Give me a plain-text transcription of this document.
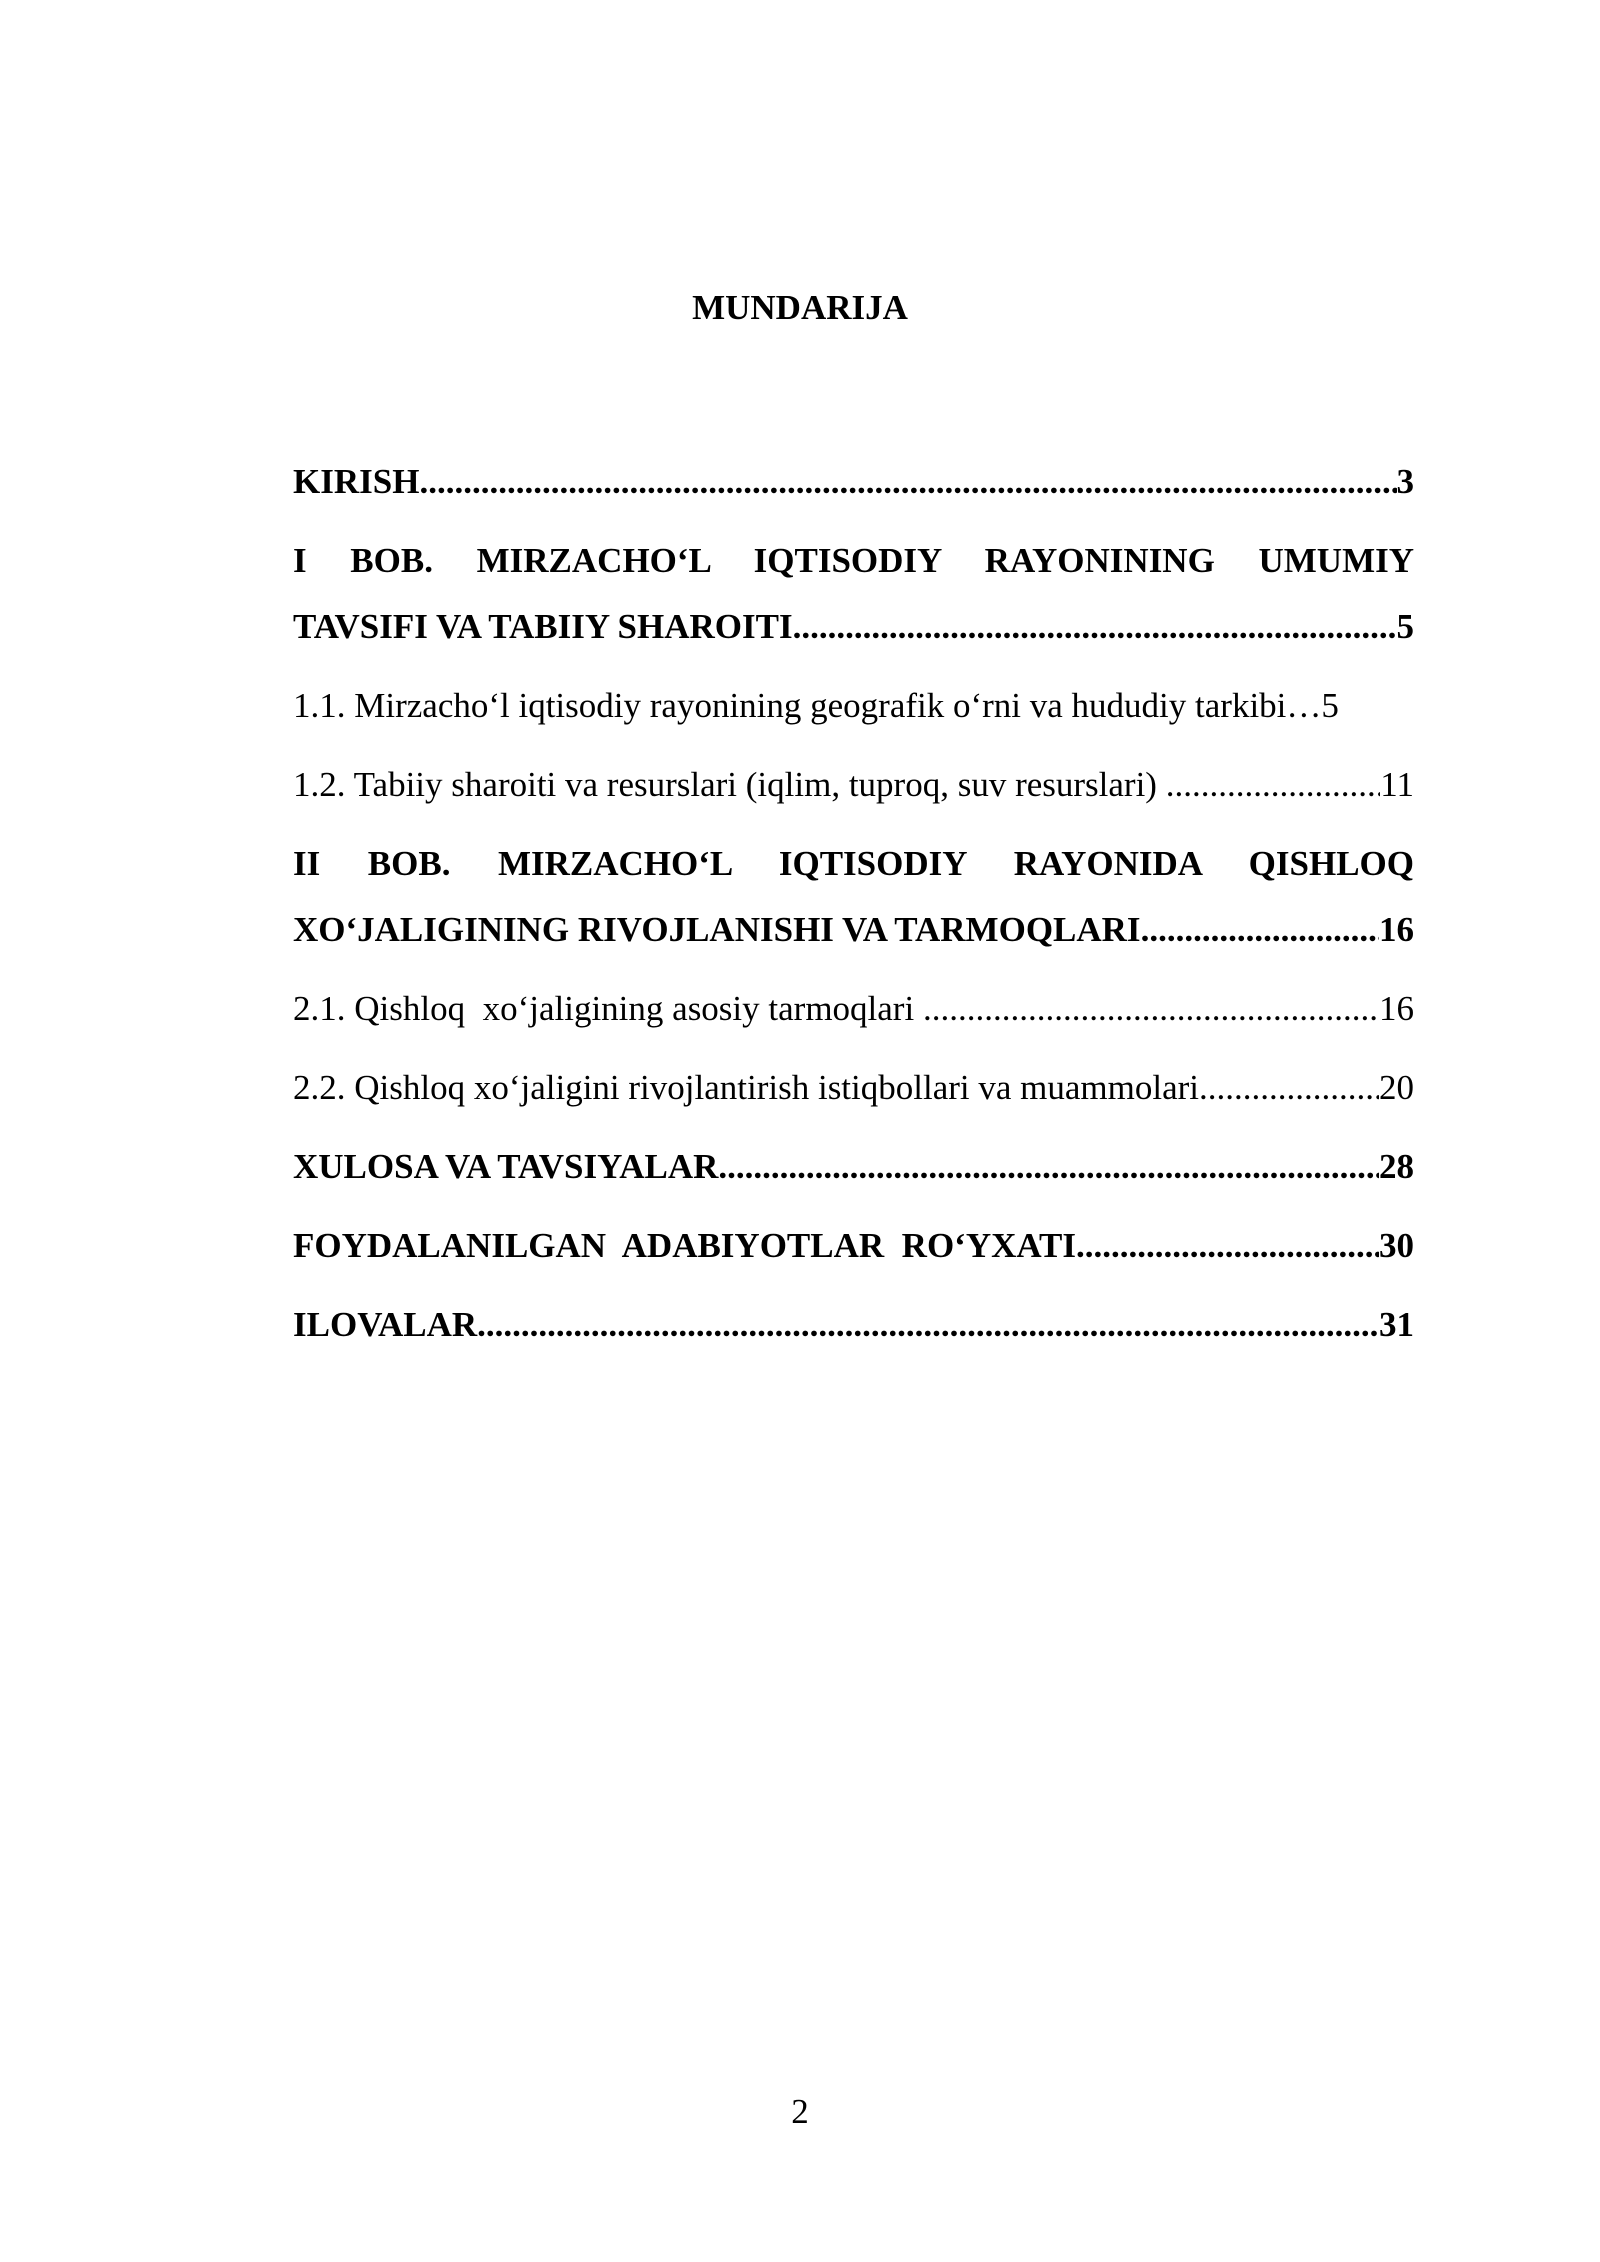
MUNDARIJA
KIRISH .....	3
I BOB. MIRZACHO‘L IQTISODIY RAYONINING UMUMIY
TAVSIFI VA TABIIY SHAROITI .....	5
1.1. Mirzacho‘l iqtisodiy rayonining geografik o‘rni va hududiy tarkibi… 5
1.2. Tabiiy sharoiti va resurslari (iqlim, tuproq, suv resurslari) .....	11
II BOB. MIRZACHO‘L IQTISODIY RAYONIDA QISHLOQ
XO‘JALIGINING RIVOJLANISHI VA TARMOQLARI .....	16
2.1. Qishloq  xo‘jaligining asosiy tarmoqlari .....	16
2.2. Qishloq xo‘jaligini rivojlantirish istiqbollari va muammolari .....	20
XULOSA VA TAVSIYALAR .....	28
FOYDALANILGAN  ADABIYOTLAR  RO‘YXATI .....	30
ILOVALAR .....	31
2
